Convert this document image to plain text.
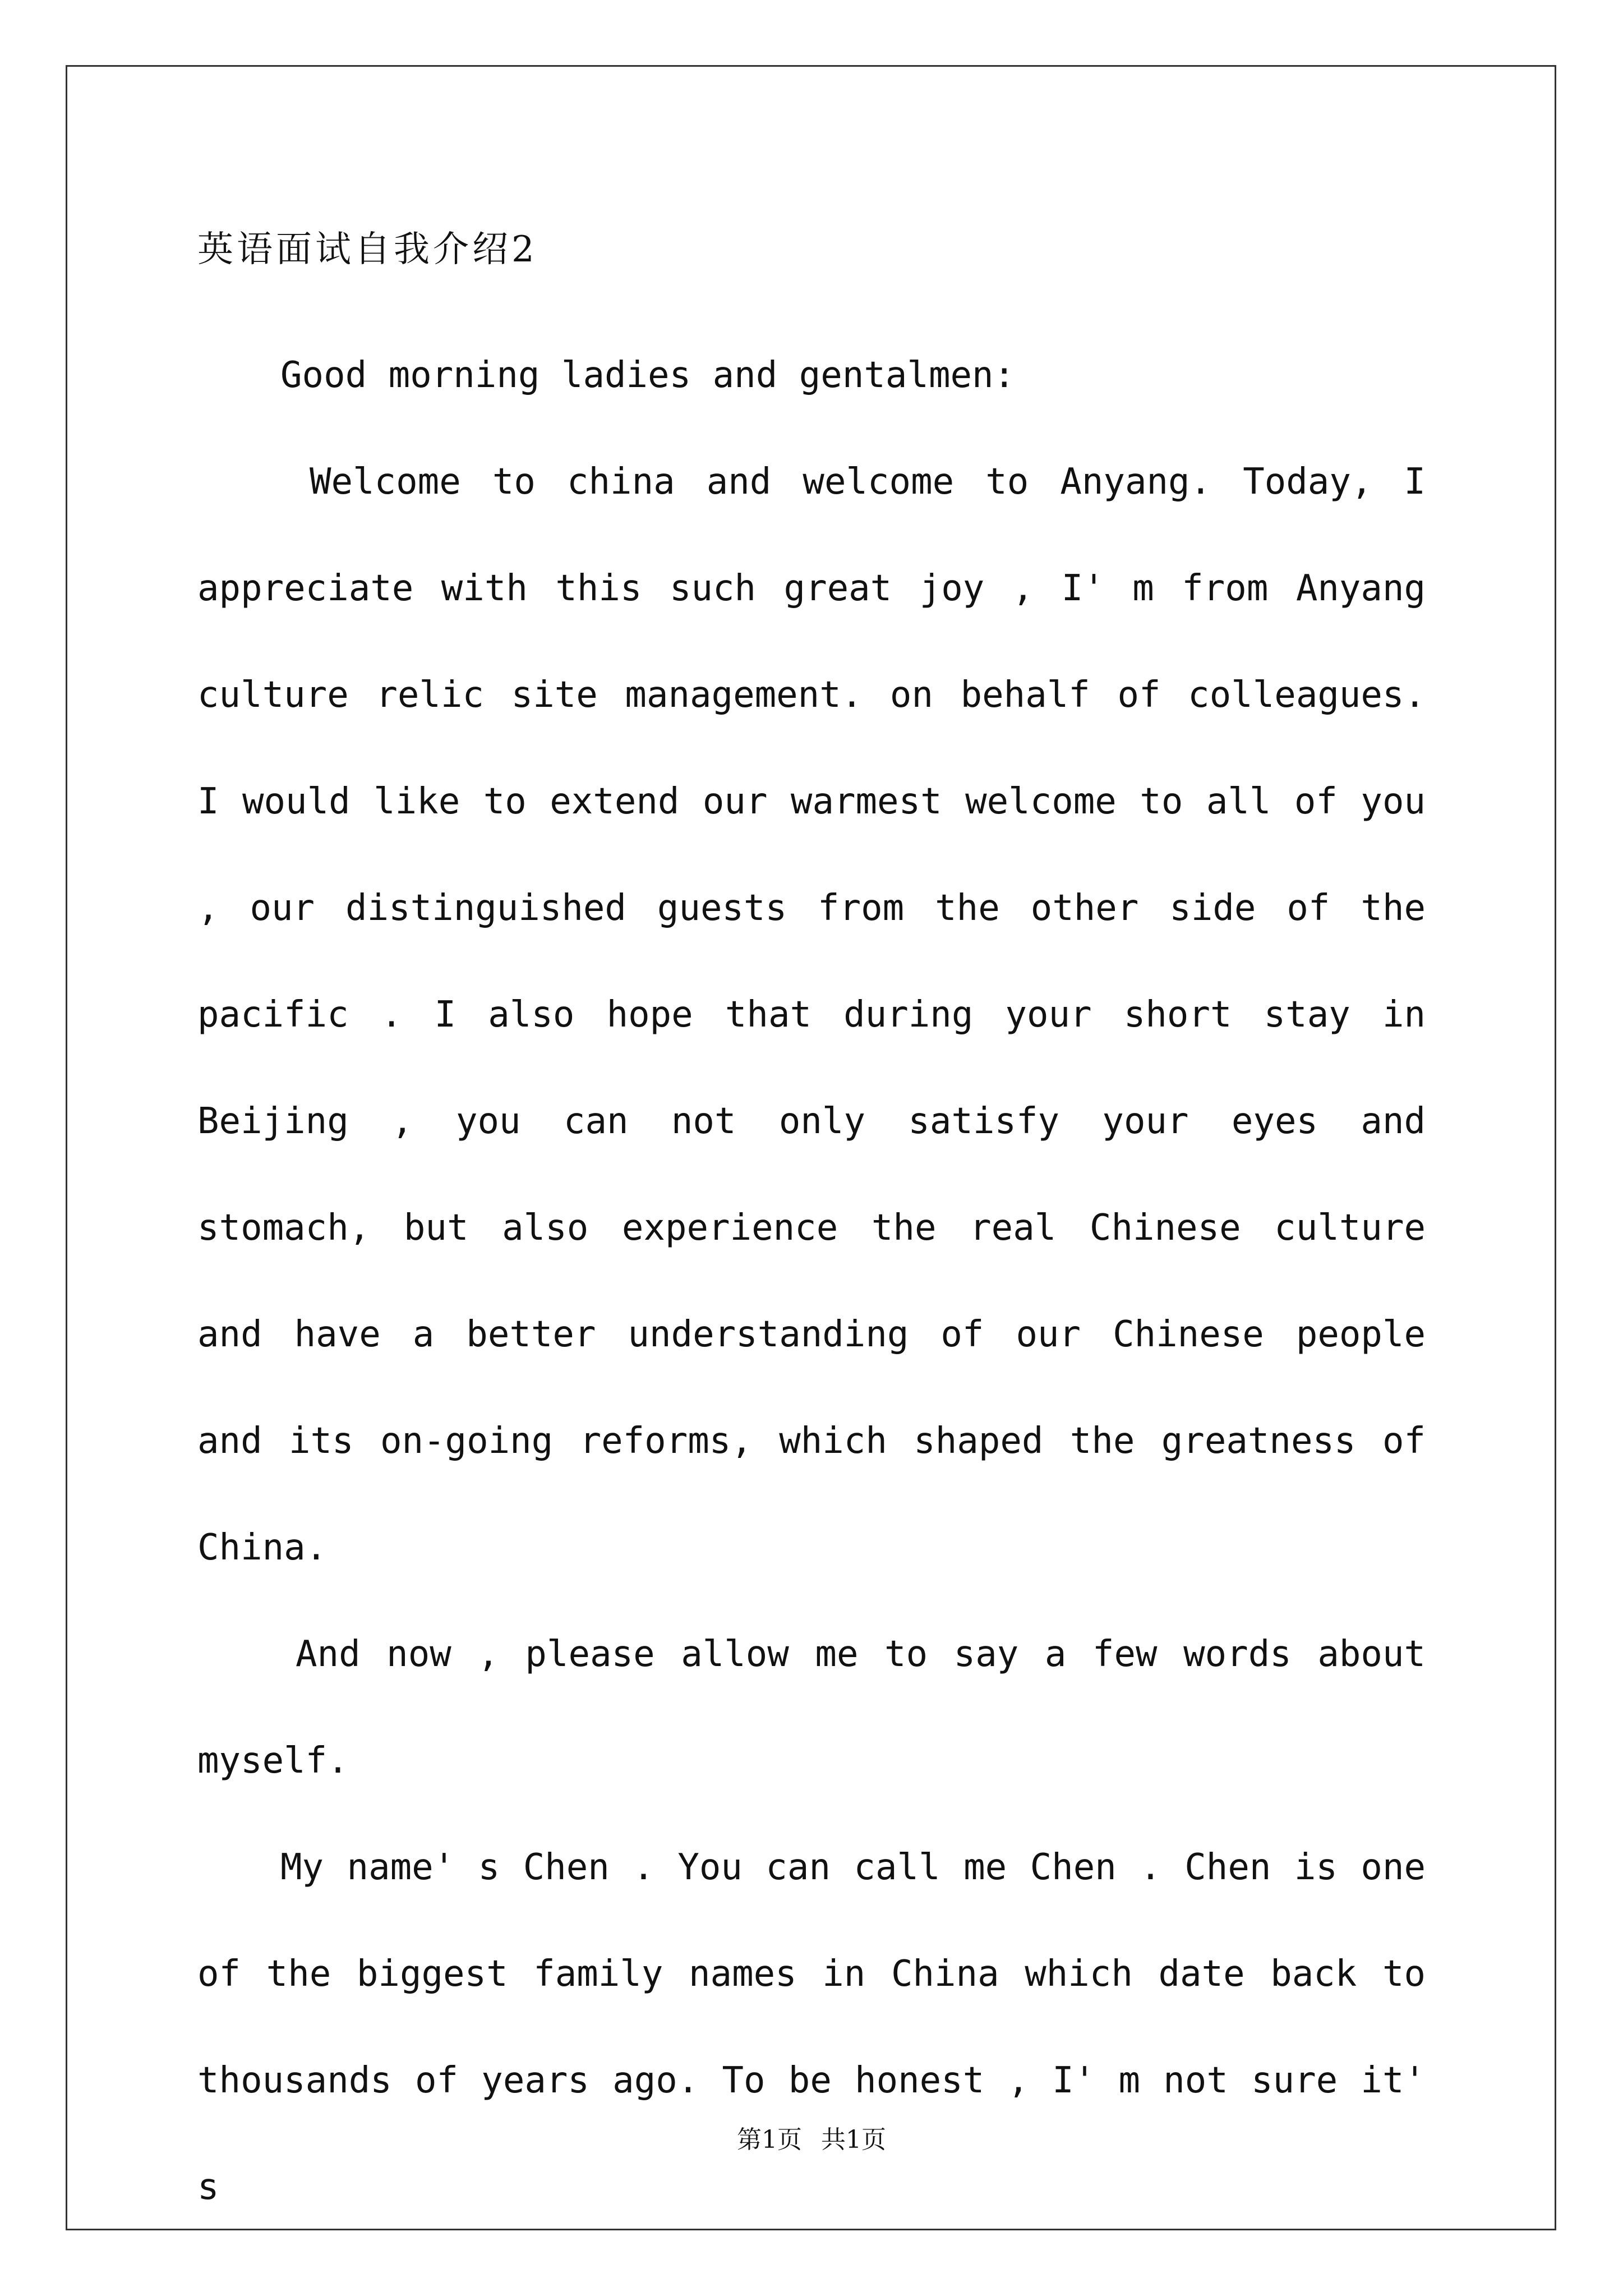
英语面试自我介绍2

Good morning ladies and gentalmen:

Welcome to china and welcome to Anyang. Today, I appreciate with this such great joy , I' m from Anyang culture relic site management. on behalf of colleagues. I would like to extend our warmest welcome to all of you , our distinguished guests from the other side of the pacific . I also hope that during your short stay in Beijing , you can not only satisfy your eyes and stomach, but also experience the real Chinese culture and have a better understanding of our Chinese people and its on-going reforms, which shaped the greatness of China.

And now , please allow me to say a few words about myself.

My name' s Chen . You can call me Chen . Chen is one of the biggest family names in China which date back to thousands of years ago. To be honest , I' m not sure it' s

第1页 共1页
